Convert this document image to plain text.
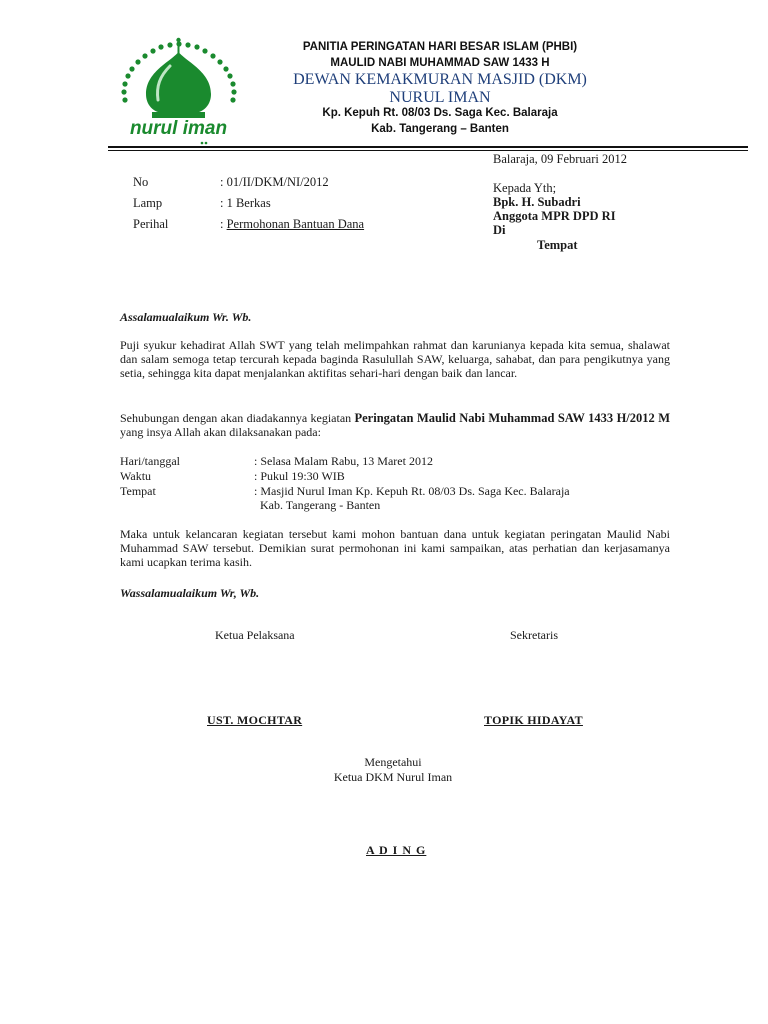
nurul iman
PANITIA PERINGATAN HARI BESAR ISLAM (PHBI)
MAULID NABI MUHAMMAD SAW 1433 H
DEWAN KEMAKMURAN MASJID (DKM)
NURUL IMAN
Kp. Kepuh Rt. 08/03 Ds. Saga Kec. Balaraja
Kab. Tangerang – Banten
Balaraja, 09 Februari 2012
No	: 01/II/DKM/NI/2012
Lamp	: 1 Berkas
Perihal	: Permohonan Bantuan Dana
Kepada Yth;
Bpk. H. Subadri
Anggota MPR DPD RI
Di
Tempat
Assalamualaikum Wr. Wb.
Puji syukur kehadirat Allah SWT yang telah melimpahkan rahmat dan karunianya kepada kita semua, shalawat dan salam semoga tetap tercurah kepada baginda Rasulullah SAW, keluarga, sahabat, dan para pengikutnya yang setia, sehingga kita dapat menjalankan aktifitas sehari-hari dengan baik dan lancar.
Sehubungan dengan akan diadakannya kegiatan Peringatan Maulid Nabi Muhammad SAW 1433 H/2012 M yang insya Allah akan dilaksanakan pada:
Hari/tanggal	: Selasa Malam Rabu, 13 Maret 2012
Waktu	: Pukul 19:30 WIB
Tempat	: Masjid Nurul Iman Kp. Kepuh Rt. 08/03 Ds. Saga Kec. Balaraja
Kab. Tangerang - Banten
Maka untuk kelancaran kegiatan tersebut kami mohon bantuan dana untuk kegiatan peringatan Maulid Nabi Muhammad SAW tersebut. Demikian surat permohonan ini kami sampaikan, atas perhatian dan kerjasamanya kami ucapkan terima kasih.
Wassalamualaikum Wr, Wb.
Ketua Pelaksana	Sekretaris
UST. MOCHTAR	TOPIK HIDAYAT
Mengetahui
Ketua DKM Nurul Iman
A D I N G
